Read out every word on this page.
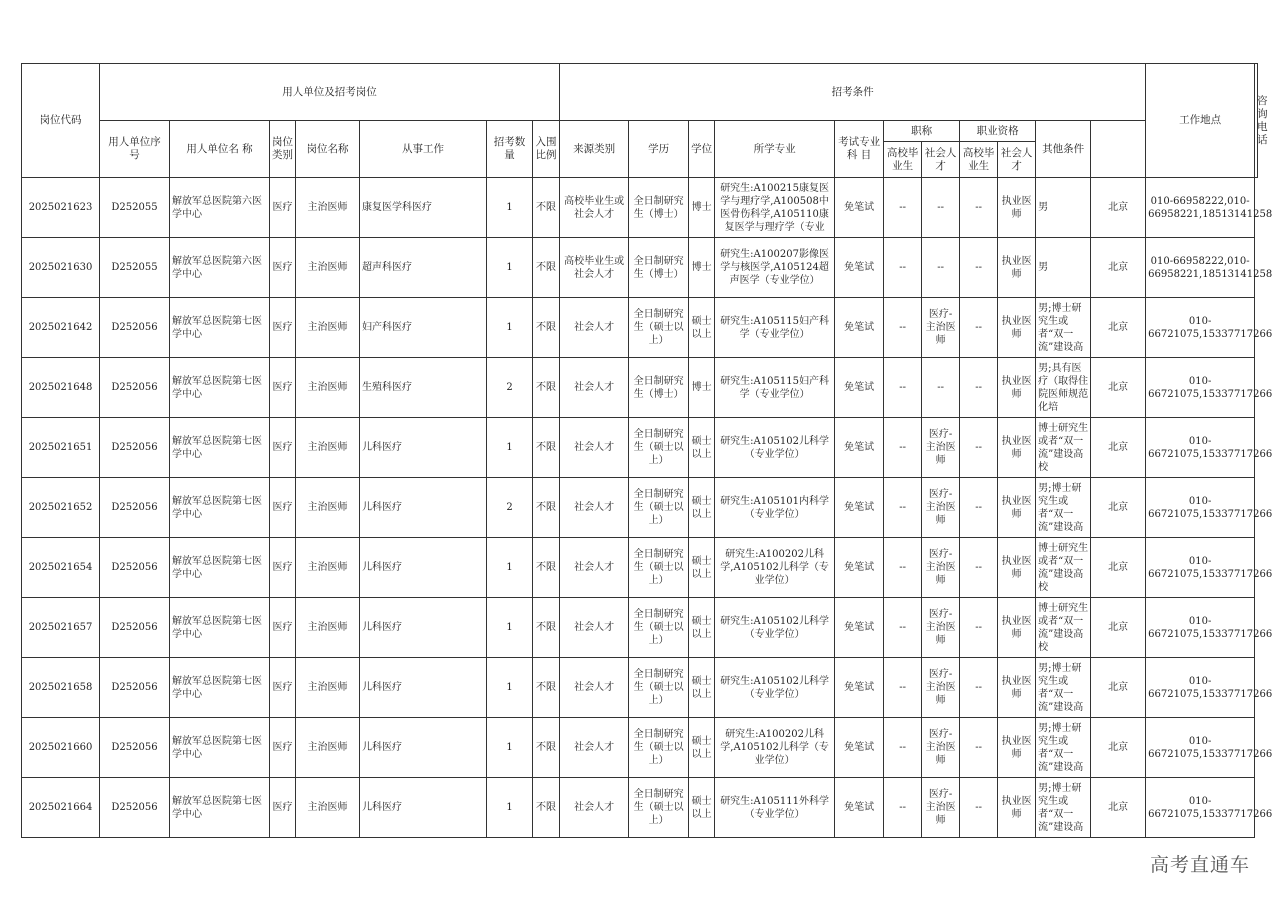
岗位代码	用人单位及招考岗位							招考条件											工作地点	咨询电话
	用人单位序 号	用人单位名 称	岗位类别	岗位名称	从事工作	招考数量	入围比例	来源类别	学历	学位	所学专业	考试专业科 目	职称		职业资格		其他条件			
													高校毕业生	社会人才	高校毕业生	社会人才				

2025021623	D252055	解放军总医院第六医学中心	医疗	主治医师	康复医学科医疗	1	不限	高校毕业生或社会人才	全日制研究生（博士）	博士	研究生:A100215康复医学与理疗学,A100508中医骨伤科学,A105110康复医学与理疗学（专业	免笔试	--	--	--	执业医师	男	北京	010-66958222,010-66958221,18513141258	

2025021630	D252055	解放军总医院第六医学中心	医疗	主治医师	超声科医疗	1	不限	高校毕业生或社会人才	全日制研究生（博士）	博士	研究生:A100207影像医学与核医学,A105124超声医学（专业学位）	免笔试	--	--	--	执业医师	男	北京	010-66958222,010-66958221,18513141258	

2025021642	D252056	解放军总医院第七医学中心	医疗	主治医师	妇产科医疗	1	不限	社会人才	全日制研究生（硕士以上）	硕士以上	研究生:A105115妇产科学（专业学位）	免笔试	--	医疗-主治医师	--	执业医师	男;博士研究生或者“双一流”建设高	北京	010-66721075,15337717266	

2025021648	D252056	解放军总医院第七医学中心	医疗	主治医师	生殖科医疗	2	不限	社会人才	全日制研究生（博士）	博士	研究生:A105115妇产科学（专业学位）	免笔试	--	--	--	执业医师	男;具有医疗（取得住院医师规范化培	北京	010-66721075,15337717266	

2025021651	D252056	解放军总医院第七医学中心	医疗	主治医师	儿科医疗	1	不限	社会人才	全日制研究生（硕士以上）	硕士以上	研究生:A105102儿科学（专业学位）	免笔试	--	医疗-主治医师	--	执业医师	博士研究生或者“双一流”建设高校	北京	010-66721075,15337717266	

2025021652	D252056	解放军总医院第七医学中心	医疗	主治医师	儿科医疗	2	不限	社会人才	全日制研究生（硕士以上）	硕士以上	研究生:A105101内科学（专业学位）	免笔试	--	医疗-主治医师	--	执业医师	男;博士研究生或者“双一流”建设高	北京	010-66721075,15337717266	

2025021654	D252056	解放军总医院第七医学中心	医疗	主治医师	儿科医疗	1	不限	社会人才	全日制研究生（硕士以上）	硕士以上	研究生:A100202儿科学,A105102儿科学（专业学位）	免笔试	--	医疗-主治医师	--	执业医师	博士研究生或者“双一流”建设高校	北京	010-66721075,15337717266	

2025021657	D252056	解放军总医院第七医学中心	医疗	主治医师	儿科医疗	1	不限	社会人才	全日制研究生（硕士以上）	硕士以上	研究生:A105102儿科学（专业学位）	免笔试	--	医疗-主治医师	--	执业医师	博士研究生或者“双一流”建设高校	北京	010-66721075,15337717266	

2025021658	D252056	解放军总医院第七医学中心	医疗	主治医师	儿科医疗	1	不限	社会人才	全日制研究生（硕士以上）	硕士以上	研究生:A105102儿科学（专业学位）	免笔试	--	医疗-主治医师	--	执业医师	男;博士研究生或者“双一流”建设高	北京	010-66721075,15337717266	

2025021660	D252056	解放军总医院第七医学中心	医疗	主治医师	儿科医疗	1	不限	社会人才	全日制研究生（硕士以上）	硕士以上	研究生:A100202儿科学,A105102儿科学（专业学位）	免笔试	--	医疗-主治医师	--	执业医师	男;博士研究生或者“双一流”建设高	北京	010-66721075,15337717266	

2025021664	D252056	解放军总医院第七医学中心	医疗	主治医师	儿科医疗	1	不限	社会人才	全日制研究生（硕士以上）	硕士以上	研究生:A105111外科学（专业学位）	免笔试	--	医疗-主治医师	--	执业医师	男;博士研究生或者“双一流”建设高	北京	010-66721075,15337717266	
高考直通车
